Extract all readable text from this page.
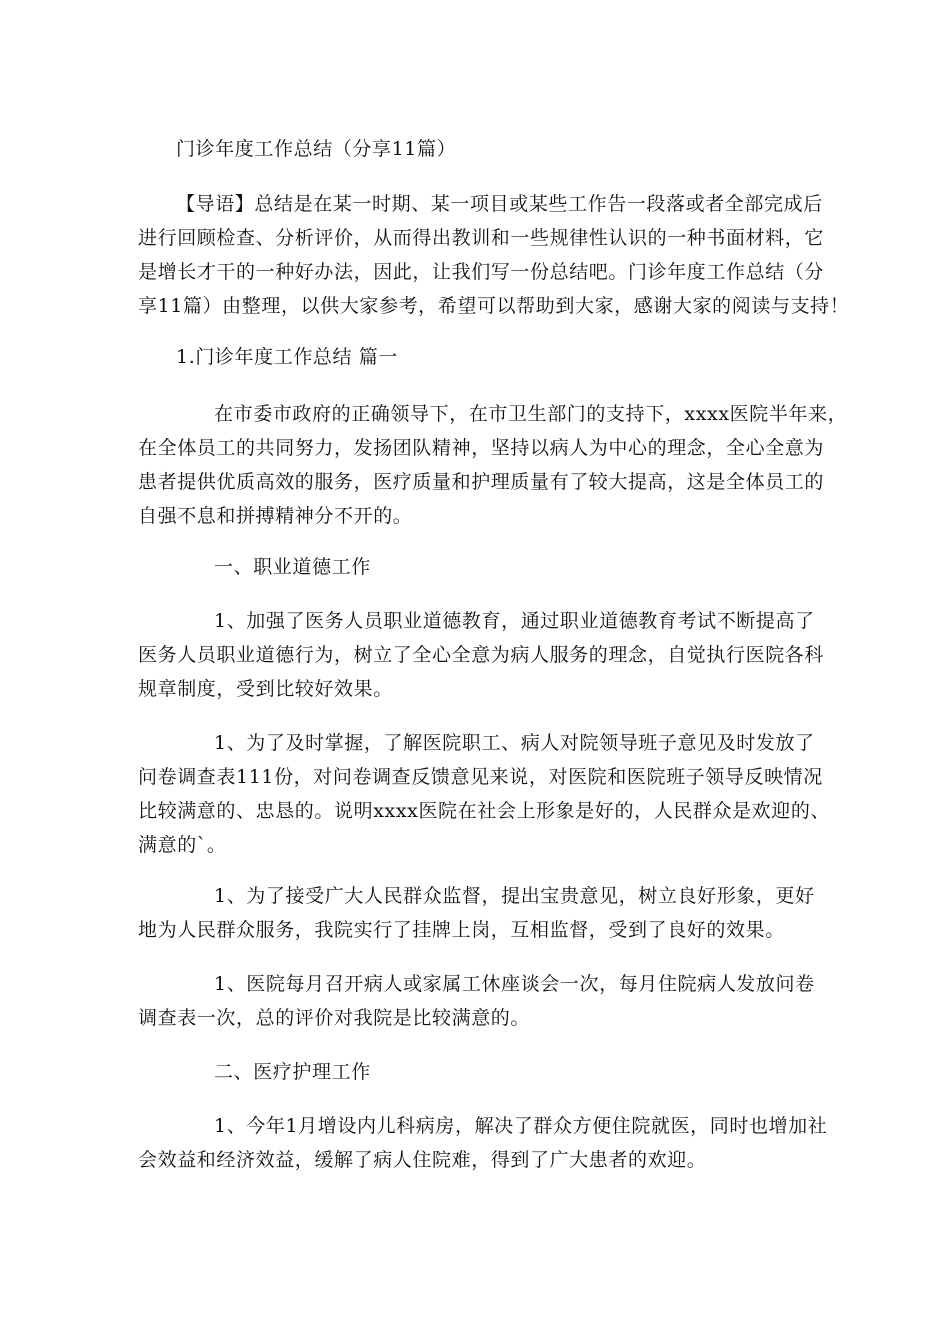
门诊年度工作总结（分享11篇）
【导语】总结是在某一时期、某一项目或某些工作告一段落或者全部完成后
进行回顾检查、分析评价，从而得出教训和一些规律性认识的一种书面材料，它
是增长才干的一种好办法，因此，让我们写一份总结吧。门诊年度工作总结（分
享11篇）由整理，以供大家参考，希望可以帮助到大家，感谢大家的阅读与支持！
1.门诊年度工作总结 篇一
在市委市政府的正确领导下，在市卫生部门的支持下，xxxx医院半年来，
在全体员工的共同努力，发扬团队精神，坚持以病人为中心的理念，全心全意为
患者提供优质高效的服务，医疗质量和护理质量有了较大提高，这是全体员工的
自强不息和拼搏精神分不开的。
一、职业道德工作
1、加强了医务人员职业道德教育，通过职业道德教育考试不断提高了
医务人员职业道德行为，树立了全心全意为病人服务的理念，自觉执行医院各科
规章制度，受到比较好效果。
1、为了及时掌握，了解医院职工、病人对院领导班子意见及时发放了
问卷调查表111份，对问卷调查反馈意见来说，对医院和医院班子领导反映情况
比较满意的、忠恳的。说明xxxx医院在社会上形象是好的，人民群众是欢迎的、
满意的`。
1、为了接受广大人民群众监督，提出宝贵意见，树立良好形象，更好
地为人民群众服务，我院实行了挂牌上岗，互相监督，受到了良好的效果。
1、医院每月召开病人或家属工休座谈会一次，每月住院病人发放问卷
调查表一次，总的评价对我院是比较满意的。
二、医疗护理工作
1、今年1月增设内儿科病房，解决了群众方便住院就医，同时也增加社
会效益和经济效益，缓解了病人住院难，得到了广大患者的欢迎。
